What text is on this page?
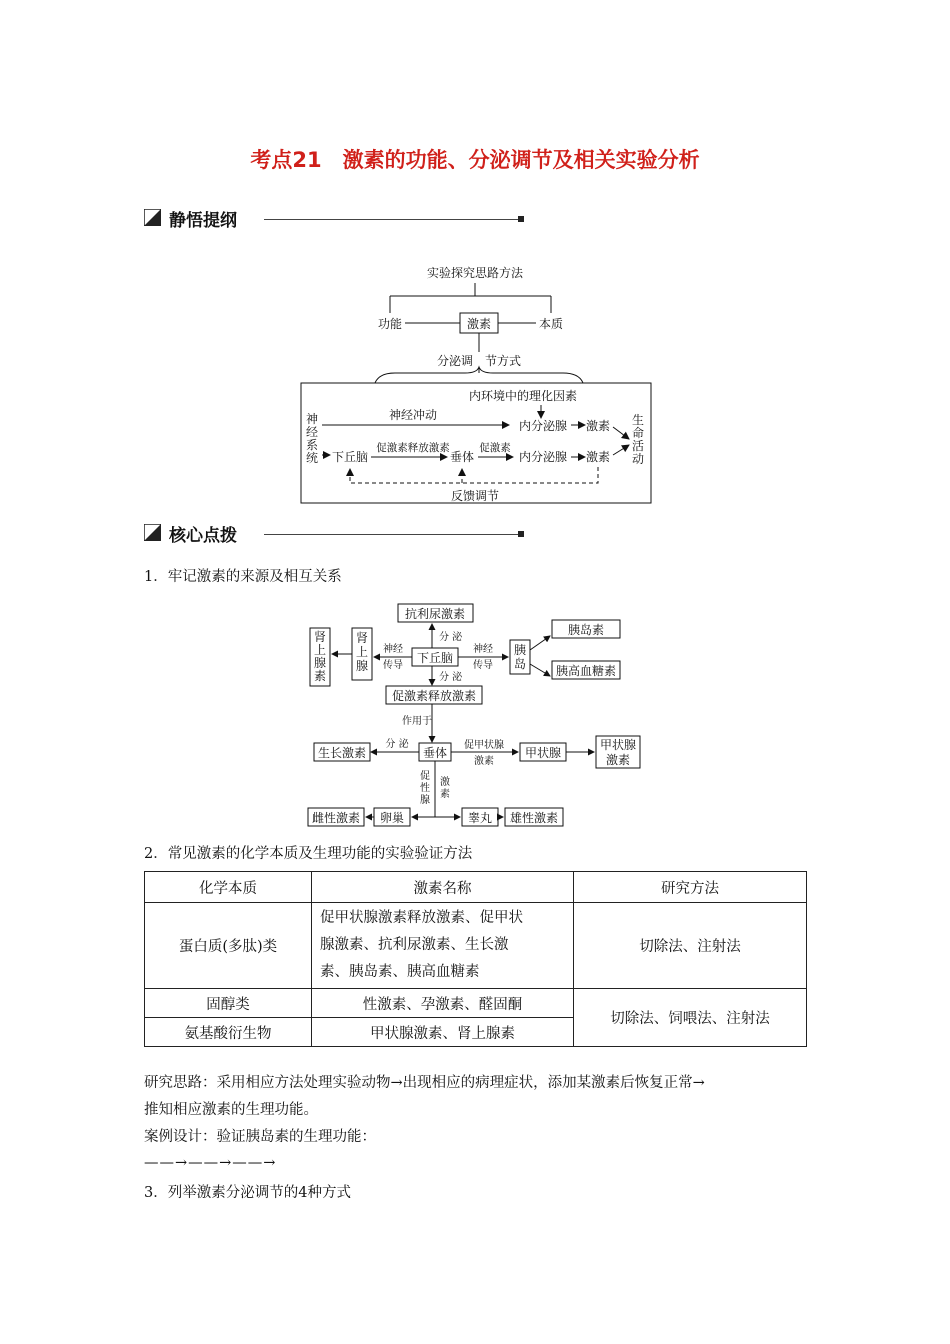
考点21　激素的功能、分泌调节及相关实验分析
静悟提纲
实验探究思路方法
功能	激素	本质
分泌调　节方式
内环境中的理化因素
神
经
系
统
神经冲动
内分泌腺 激素
下丘脑
促激素释放激素
垂体
促激素
内分泌腺 激素
生
命
活
动
反馈调节
核心点拨
1．牢记激素的来源及相互关系
抗利尿激素
分 泌
下丘脑
分 泌
肾
上
腺
肾
上
腺
素
神经
传导
神经
传导
胰
岛
胰岛素
胰高血糖素
促激素释放激素
作用于
垂体
分 泌
生长激素
促甲状腺
激素
甲状腺
甲状腺
激素
促
性
腺
激
素
卵巢
雌性激素	睾丸 雄性激素
2．常见激素的化学本质及生理功能的实验验证方法
化学本质	激素名称	研究方法
蛋白质(多肽)类	促甲状腺激素释放激素、促甲状
腺激素、抗利尿激素、生长激
素、胰岛素、胰高血糖素	切除法、注射法
固醇类	性激素、孕激素、醛固酮	切除法、饲喂法、注射法
氨基酸衍生物	甲状腺激素、肾上腺素	
研究思路：采用相应方法处理实验动物→出现相应的病理症状，添加某激素后恢复正常→
推知相应激素的生理功能。
案例设计：验证胰岛素的生理功能：
——→——→——→
3．列举激素分泌调节的4种方式
